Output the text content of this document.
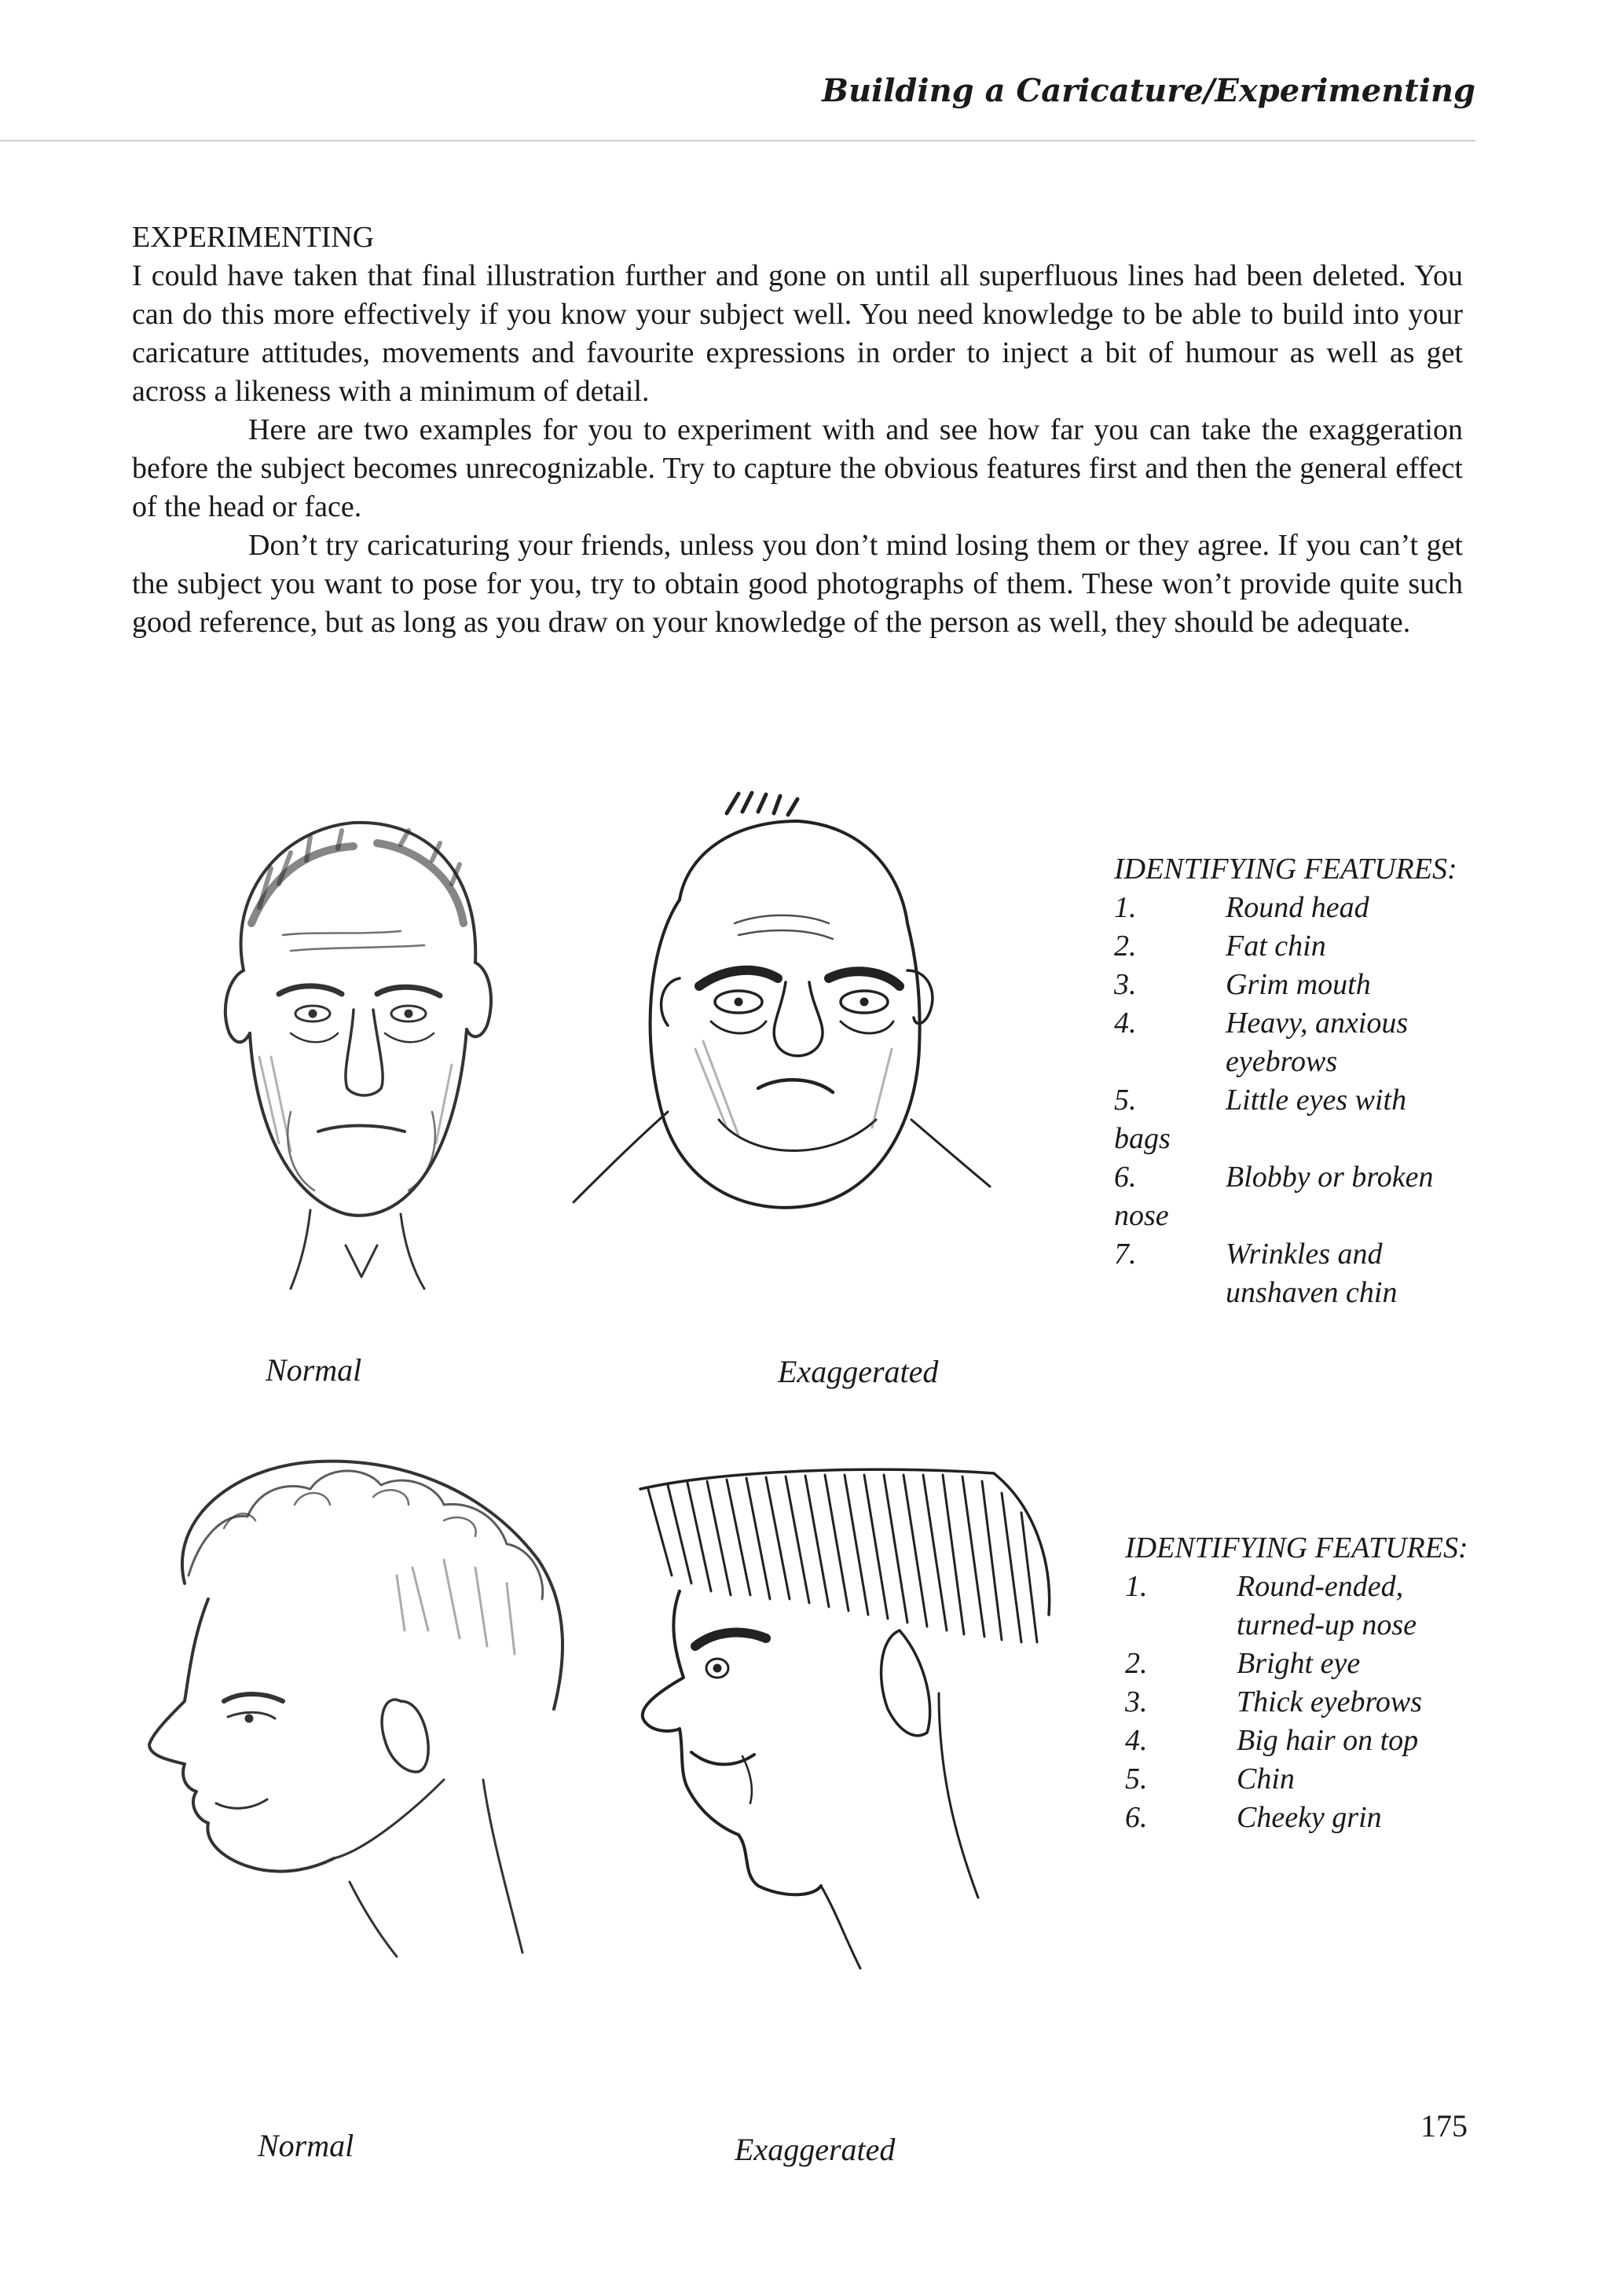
Building a Caricature/Experimenting

EXPERIMENTING

I could have taken that final illustration further and gone on until all superfluous lines had been deleted. You can do this more effectively if you know your subject well. You need knowledge to be able to build into your caricature attitudes, movements and favourite expressions in order to inject a bit of humour as well as get across a likeness with a minimum of detail.

Here are two examples for you to experiment with and see how far you can take the exaggeration before the subject becomes unrecognizable. Try to capture the obvious features first and then the general effect of the head or face.

Don’t try caricaturing your friends, unless you don’t mind losing them or they agree. If you can’t get the subject you want to pose for you, try to obtain good photographs of them. These won’t provide quite such good reference, but as long as you draw on your knowledge of the person as well, they should be adequate.

Normal	Exaggerated
IDENTIFYING FEATURES:
1.	Round head
2.	Fat chin
3.	Grim mouth
4.	Heavy, anxious
eyebrows
5.	Little eyes with
bags
6.	Blobby or broken
nose
7.	Wrinkles and
unshaven chin
Normal	Exaggerated
IDENTIFYING FEATURES:
1.	Round-ended,
turned-up nose
2.	Bright eye
3.	Thick eyebrows
4.	Big hair on top
5.	Chin
6.	Cheeky grin
175
